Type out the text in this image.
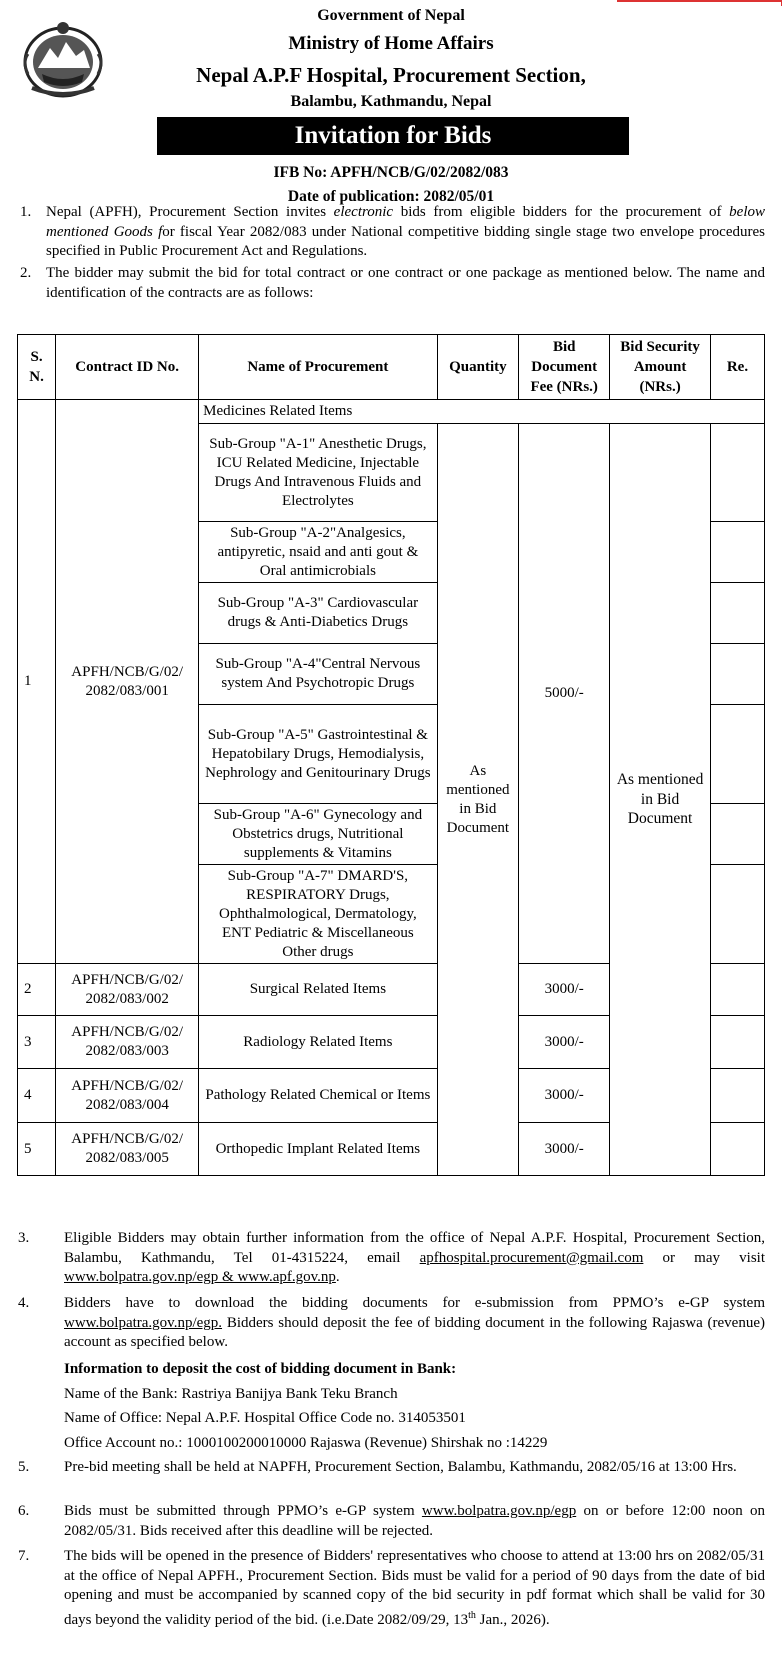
Government of Nepal
Ministry of Home Affairs
Nepal A.P.F Hospital, Procurement Section,
Balambu, Kathmandu, Nepal
Invitation for Bids
IFB No: APFH/NCB/G/02/2082/083
Date of publication: 2082/05/01
1. Nepal (APFH), Procurement Section invites electronic bids from eligible bidders for the procurement of below mentioned Goods for fiscal Year 2082/083 under National competitive bidding single stage two envelope procedures specified in Public Procurement Act and Regulations.
2. The bidder may submit the bid for total contract or one contract or one package as mentioned below. The name and identification of the contracts are as follows:
S. N.	Contract ID No.	Name of Procurement	Quantity	Bid Document Fee (NRs.)	Bid Security Amount (NRs.)	Re.
1	APFH/NCB/G/02/ 2082/083/001	Medicines Related Items				
		Sub-Group "A-1" Anesthetic Drugs, ICU Related Medicine, Injectable Drugs And Intravenous Fluids and Electrolytes	As mentioned in Bid Document	5000/-	As mentioned in Bid Document	
		Sub-Group "A-2"Analgesics, antipyretic, nsaid and anti gout & Oral antimicrobials				
		Sub-Group "A-3" Cardiovascular drugs & Anti-Diabetics Drugs				
		Sub-Group "A-4"Central Nervous system And Psychotropic Drugs				
		Sub-Group "A-5" Gastrointestinal & Hepatobilary Drugs, Hemodialysis, Nephrology and Genitourinary Drugs				
		Sub-Group "A-6" Gynecology and Obstetrics drugs, Nutritional supplements & Vitamins				
		Sub-Group "A-7" DMARD'S, RESPIRATORY Drugs, Ophthalmological, Dermatology, ENT Pediatric & Miscellaneous Other drugs				
2	APFH/NCB/G/02/ 2082/083/002	Surgical Related Items		3000/-		
3	APFH/NCB/G/02/ 2082/083/003	Radiology Related Items		3000/-		
4	APFH/NCB/G/02/ 2082/083/004	Pathology Related Chemical or Items		3000/-		
5	APFH/NCB/G/02/ 2082/083/005	Orthopedic Implant Related Items		3000/-		
3. Eligible Bidders may obtain further information from the office of Nepal A.P.F. Hospital, Procurement Section, Balambu, Kathmandu, Tel 01-4315224, email apfhospital.procurement@gmail.com or may visit www.bolpatra.gov.np/egp & www.apf.gov.np.
4. Bidders have to download the bidding documents for e-submission from PPMO’s e-GP system www.bolpatra.gov.np/egp. Bidders should deposit the fee of bidding document in the following Rajaswa (revenue) account as specified below.
Information to deposit the cost of bidding document in Bank:
Name of the Bank: Rastriya Banijya Bank Teku Branch
Name of Office: Nepal A.P.F. Hospital Office Code no. 314053501
Office Account no.: 1000100200010000 Rajaswa (Revenue) Shirshak no :14229
5. Pre-bid meeting shall be held at NAPFH, Procurement Section, Balambu, Kathmandu, 2082/05/16 at 13:00 Hrs.
6. Bids must be submitted through PPMO’s e-GP system www.bolpatra.gov.np/egp on or before 12:00 noon on 2082/05/31. Bids received after this deadline will be rejected.
7. The bids will be opened in the presence of Bidders' representatives who choose to attend at 13:00 hrs on 2082/05/31 at the office of Nepal APFH., Procurement Section. Bids must be valid for a period of 90 days from the date of bid opening and must be accompanied by scanned copy of the bid security in pdf format which shall be valid for 30 days beyond the validity period of the bid. (i.e.Date 2082/09/29, 13th Jan., 2026).
